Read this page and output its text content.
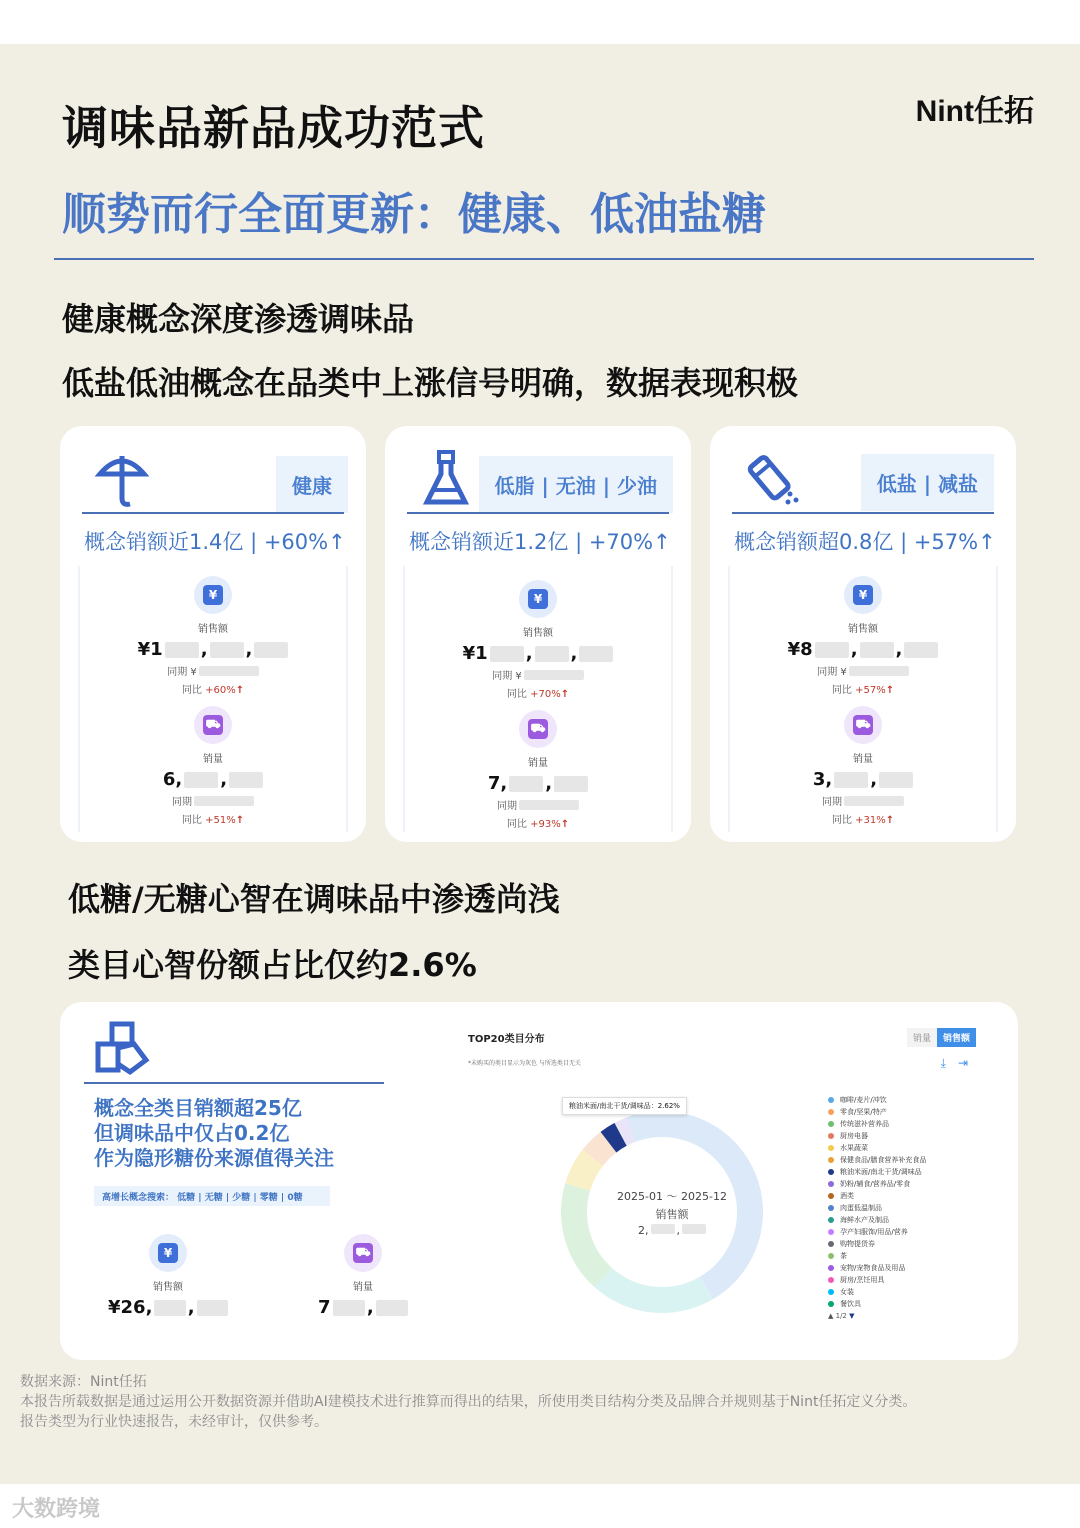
调味品新品成功范式	Nint任拓
顺势而行全面更新：健康、低油盐糖
健康概念深度渗透调味品
低盐低油概念在品类中上涨信号明确，数据表现积极
健康
概念销额近1.4亿 | +60%↑
¥
销售额
¥1 , ,
同期 ¥
同比 +60%↑
⛟
销量
6, ,
同期
同比 +51%↑
低脂 | 无油 | 少油
概念销额近1.2亿 | +70%↑
¥
销售额
¥1 , ,
同期 ¥
同比 +70%↑
⛟
销量
7, ,
同期
同比 +93%↑
低盐 | 减盐
概念销额超0.8亿 | +57%↑
¥
销售额
¥8 , ,
同期 ¥
同比 +57%↑
⛟
销量
3, ,
同期
同比 +31%↑
低糖/无糖心智在调味品中渗透尚浅
类目心智份额占比仅约2.6%
概念全类目销额超25亿
但调味品中仅占0.2亿
作为隐形糖份来源值得关注
高增长概念搜索： 低糖 | 无糖 | 少糖 | 零糖 | 0糖
¥
销售额
¥26, ,
⛟
销量
7 ,
TOP20类目分布
*未购买的类目显示为灰色 与所选类目无关
销量	销售额
⤓ ⇥
粮油米面/南北干货/调味品：2.62%
2025-01 ～ 2025-12
销售额
2,	,
咖啡/麦片/冲饮
零食/坚果/特产
传统滋补营养品
厨房电器
水果蔬菜
保健食品/膳食营养补充食品
粮油米面/南北干货/调味品
奶粉/辅食/营养品/零食
酒类
肉蛋低温制品
海鲜水产及制品
孕产妇服饰/用品/营养
购物提货券
茶
宠物/宠物食品及用品
厨房/烹饪用具
女装
餐饮具
▲ 1/2 ▼
数据来源：Nint任拓
本报告所载数据是通过运用公开数据资源并借助AI建模技术进行推算而得出的结果，所使用类目结构分类及品牌合并规则基于Nint任拓定义分类。
报告类型为行业快速报告，未经审计，仅供参考。
大数跨境
